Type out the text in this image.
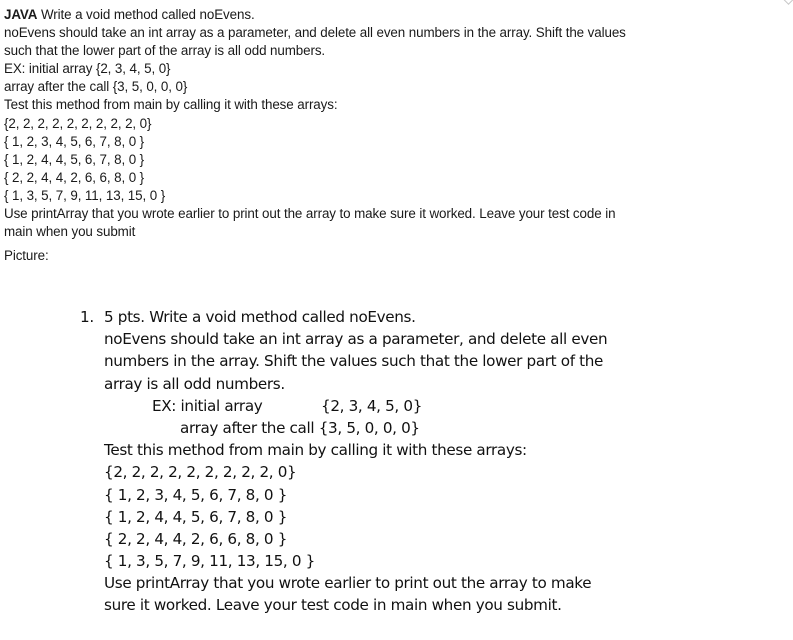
JAVA Write a void method called noEvens.
noEvens should take an int array as a parameter, and delete all even numbers in the array. Shift the values
such that the lower part of the array is all odd numbers.
EX: initial array {2, 3, 4, 5, 0}
array after the call {3, 5, 0, 0, 0}
Test this method from main by calling it with these arrays:
{2, 2, 2, 2, 2, 2, 2, 2, 2, 0}
{ 1, 2, 3, 4, 5, 6, 7, 8, 0 }
{ 1, 2, 4, 4, 5, 6, 7, 8, 0 }
{ 2, 2, 4, 4, 2, 6, 6, 8, 0 }
{ 1, 3, 5, 7, 9, 11, 13, 15, 0 }
Use printArray that you wrote earlier to print out the array to make sure it worked. Leave your test code in
main when you submit
Picture:
1. 5 pts. Write a void method called noEvens.
noEvens should take an int array as a parameter, and delete all even
numbers in the array. Shift the values such that the lower part of the
array is all odd numbers.
EX: initial array	{2, 3, 4, 5, 0}
array after the call {3, 5, 0, 0, 0}
Test this method from main by calling it with these arrays:
{2, 2, 2, 2, 2, 2, 2, 2, 2, 0}
{ 1, 2, 3, 4, 5, 6, 7, 8, 0 }
{ 1, 2, 4, 4, 5, 6, 7, 8, 0 }
{ 2, 2, 4, 4, 2, 6, 6, 8, 0 }
{ 1, 3, 5, 7, 9, 11, 13, 15, 0 }
Use printArray that you wrote earlier to print out the array to make
sure it worked. Leave your test code in main when you submit.
